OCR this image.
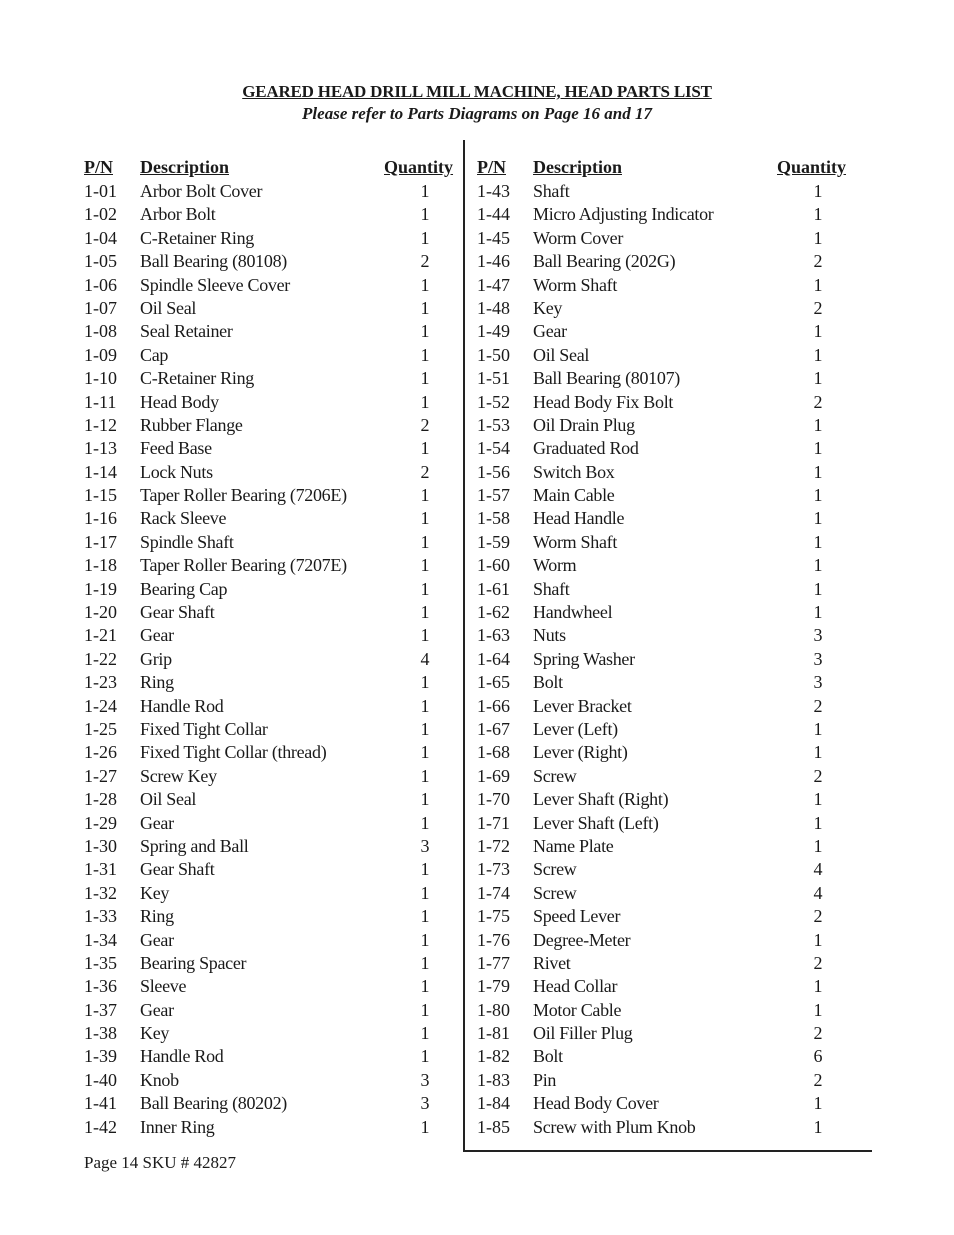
GEARED HEAD DRILL MILL MACHINE, HEAD PARTS LIST
Please refer to Parts Diagrams on Page 16 and 17
P/N Description	Quantity P/N Description	Quantity
1-01 Arbor Bolt Cover	1
1-02 Arbor Bolt	1
1-04 C-Retainer Ring	1
1-05 Ball Bearing (80108)	2
1-06 Spindle Sleeve Cover	1
1-07 Oil Seal	1
1-08 Seal Retainer	1
1-09 Cap	1
1-10 C-Retainer Ring	1
1-11 Head Body	1
1-12 Rubber Flange	2
1-13 Feed Base	1
1-14 Lock Nuts	2
1-15 Taper Roller Bearing (7206E)	1
1-16 Rack Sleeve	1
1-17 Spindle Shaft	1
1-18 Taper Roller Bearing (7207E)	1
1-19 Bearing Cap	1
1-20 Gear Shaft	1
1-21 Gear	1
1-22 Grip	4
1-23 Ring	1
1-24 Handle Rod	1
1-25 Fixed Tight Collar	1
1-26 Fixed Tight Collar (thread)	1
1-27 Screw Key	1
1-28 Oil Seal	1
1-29 Gear	1
1-30 Spring and Ball	3
1-31 Gear Shaft	1
1-32 Key	1
1-33 Ring	1
1-34 Gear	1
1-35 Bearing Spacer	1
1-36 Sleeve	1
1-37 Gear	1
1-38 Key	1
1-39 Handle Rod	1
1-40 Knob	3
1-41 Ball Bearing (80202)	3
1-42 Inner Ring	1
1-43 Shaft	1
1-44 Micro Adjusting Indicator	1
1-45 Worm Cover	1
1-46 Ball Bearing (202G)	2
1-47 Worm Shaft	1
1-48 Key	2
1-49 Gear	1
1-50 Oil Seal	1
1-51 Ball Bearing (80107)	1
1-52 Head Body Fix Bolt	2
1-53 Oil Drain Plug	1
1-54 Graduated Rod	1
1-56 Switch Box	1
1-57 Main Cable	1
1-58 Head Handle	1
1-59 Worm Shaft	1
1-60 Worm	1
1-61 Shaft	1
1-62 Handwheel	1
1-63 Nuts	3
1-64 Spring Washer	3
1-65 Bolt	3
1-66 Lever Bracket	2
1-67 Lever (Left)	1
1-68 Lever (Right)	1
1-69 Screw	2
1-70 Lever Shaft (Right)	1
1-71 Lever Shaft (Left)	1
1-72 Name Plate	1
1-73 Screw	4
1-74 Screw	4
1-75 Speed Lever	2
1-76 Degree-Meter	1
1-77 Rivet	2
1-79 Head Collar	1
1-80 Motor Cable	1
1-81 Oil Filler Plug	2
1-82 Bolt	6
1-83 Pin	2
1-84 Head Body Cover	1
1-85 Screw with Plum Knob	1
Page 14 SKU # 42827
